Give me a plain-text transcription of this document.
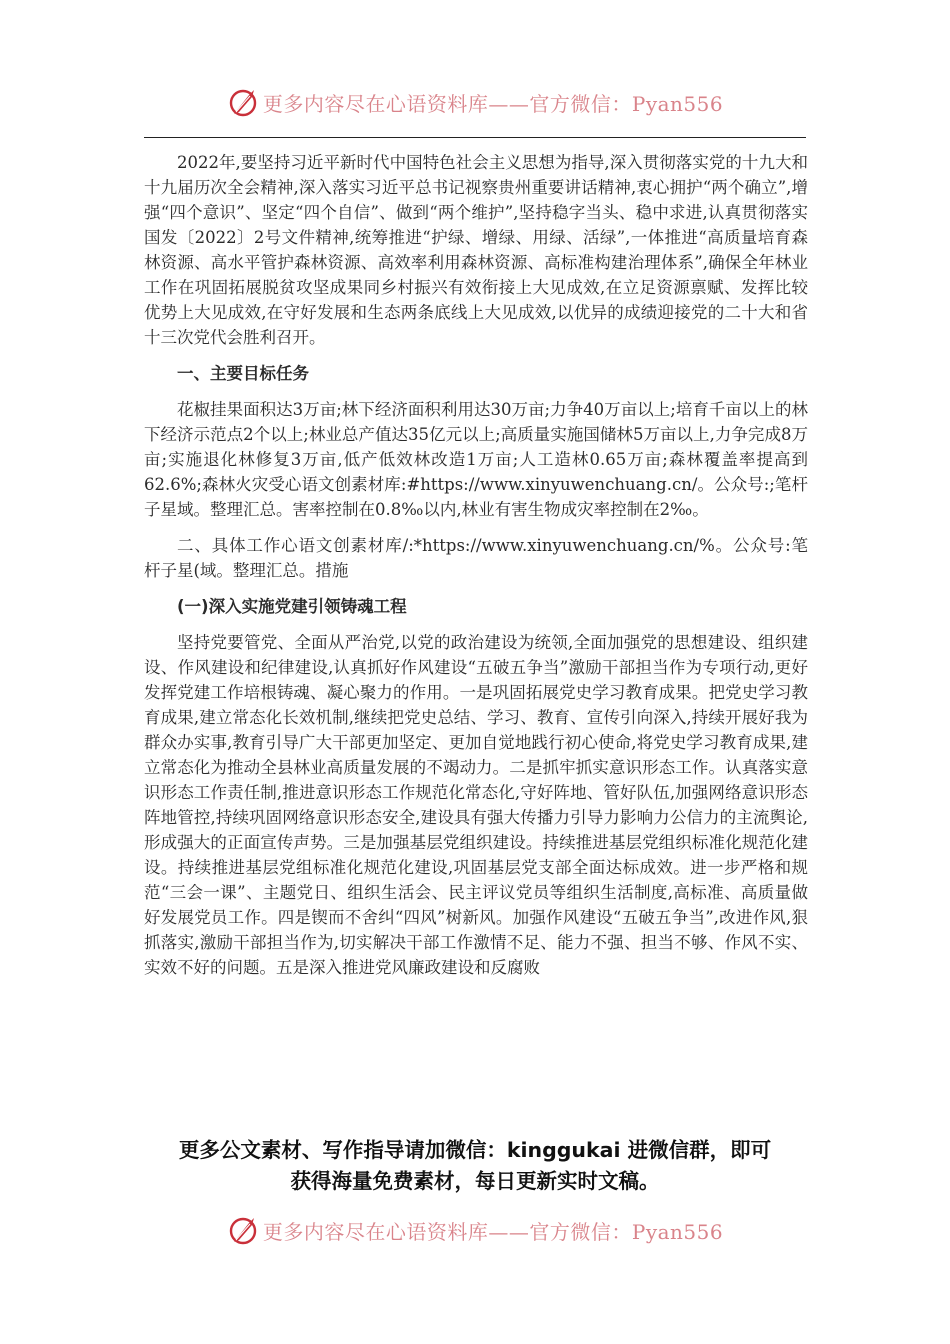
更多内容尽在心语资料库——官方微信：Pyan556

2022年,要坚持习近平新时代中国特色社会主义思想为指导,深入贯彻落实党的十九大和十九届历次全会精神,深入落实习近平总书记视察贵州重要讲话精神,衷心拥护“两个确立”,增强“四个意识”、坚定“四个自信”、做到“两个维护”,坚持稳字当头、稳中求进,认真贯彻落实国发〔2022〕2号文件精神,统筹推进“护绿、增绿、用绿、活绿”,一体推进“高质量培育森林资源、高水平管护森林资源、高效率利用森林资源、高标准构建治理体系”,确保全年林业工作在巩固拓展脱贫攻坚成果同乡村振兴有效衔接上大见成效,在立足资源禀赋、发挥比较优势上大见成效,在守好发展和生态两条底线上大见成效,以优异的成绩迎接党的二十大和省十三次党代会胜利召开。

一、主要目标任务

花椒挂果面积达3万亩;林下经济面积利用达30万亩;力争40万亩以上;培育千亩以上的林下经济示范点2个以上;林业总产值达35亿元以上;高质量实施国储林5万亩以上,力争完成8万亩;实施退化林修复3万亩,低产低效林改造1万亩;人工造林0.65万亩;森林覆盖率提高到62.6%;森林火灾受心语文创素材库:#https://www.xinyuwenchuang.cn/。公众号:;笔杆子星域。整理汇总。害率控制在0.8‰以内,林业有害生物成灾率控制在2‰。

二、具体工作心语文创素材库/:*https://www.xinyuwenchuang.cn/%。公众号:笔杆子星(域。整理汇总。措施

(一)深入实施党建引领铸魂工程

坚持党要管党、全面从严治党,以党的政治建设为统领,全面加强党的思想建设、组织建设、作风建设和纪律建设,认真抓好作风建设“五破五争当”激励干部担当作为专项行动,更好发挥党建工作培根铸魂、凝心聚力的作用。一是巩固拓展党史学习教育成果。把党史学习教育成果,建立常态化长效机制,继续把党史总结、学习、教育、宣传引向深入,持续开展好我为群众办实事,教育引导广大干部更加坚定、更加自觉地践行初心使命,将党史学习教育成果,建立常态化为推动全县林业高质量发展的不竭动力。二是抓牢抓实意识形态工作。认真落实意识形态工作责任制,推进意识形态工作规范化常态化,守好阵地、管好队伍,加强网络意识形态阵地管控,持续巩固网络意识形态安全,建设具有强大传播力引导力影响力公信力的主流舆论,形成强大的正面宣传声势。三是加强基层党组织建设。持续推进基层党组织标准化规范化建设。持续推进基层党组标准化规范化建设,巩固基层党支部全面达标成效。进一步严格和规范“三会一课”、主题党日、组织生活会、民主评议党员等组织生活制度,高标准、高质量做好发展党员工作。四是锲而不舍纠“四风”树新风。加强作风建设“五破五争当”,改进作风,狠抓落实,激励干部担当作为,切实解决干部工作激情不足、能力不强、担当不够、作风不实、实效不好的问题。五是深入推进党风廉政建设和反腐败

更多公文素材、写作指导请加微信：kinggukai 进微信群，即可
获得海量免费素材，每日更新实时文稿。
更多内容尽在心语资料库——官方微信：Pyan556
